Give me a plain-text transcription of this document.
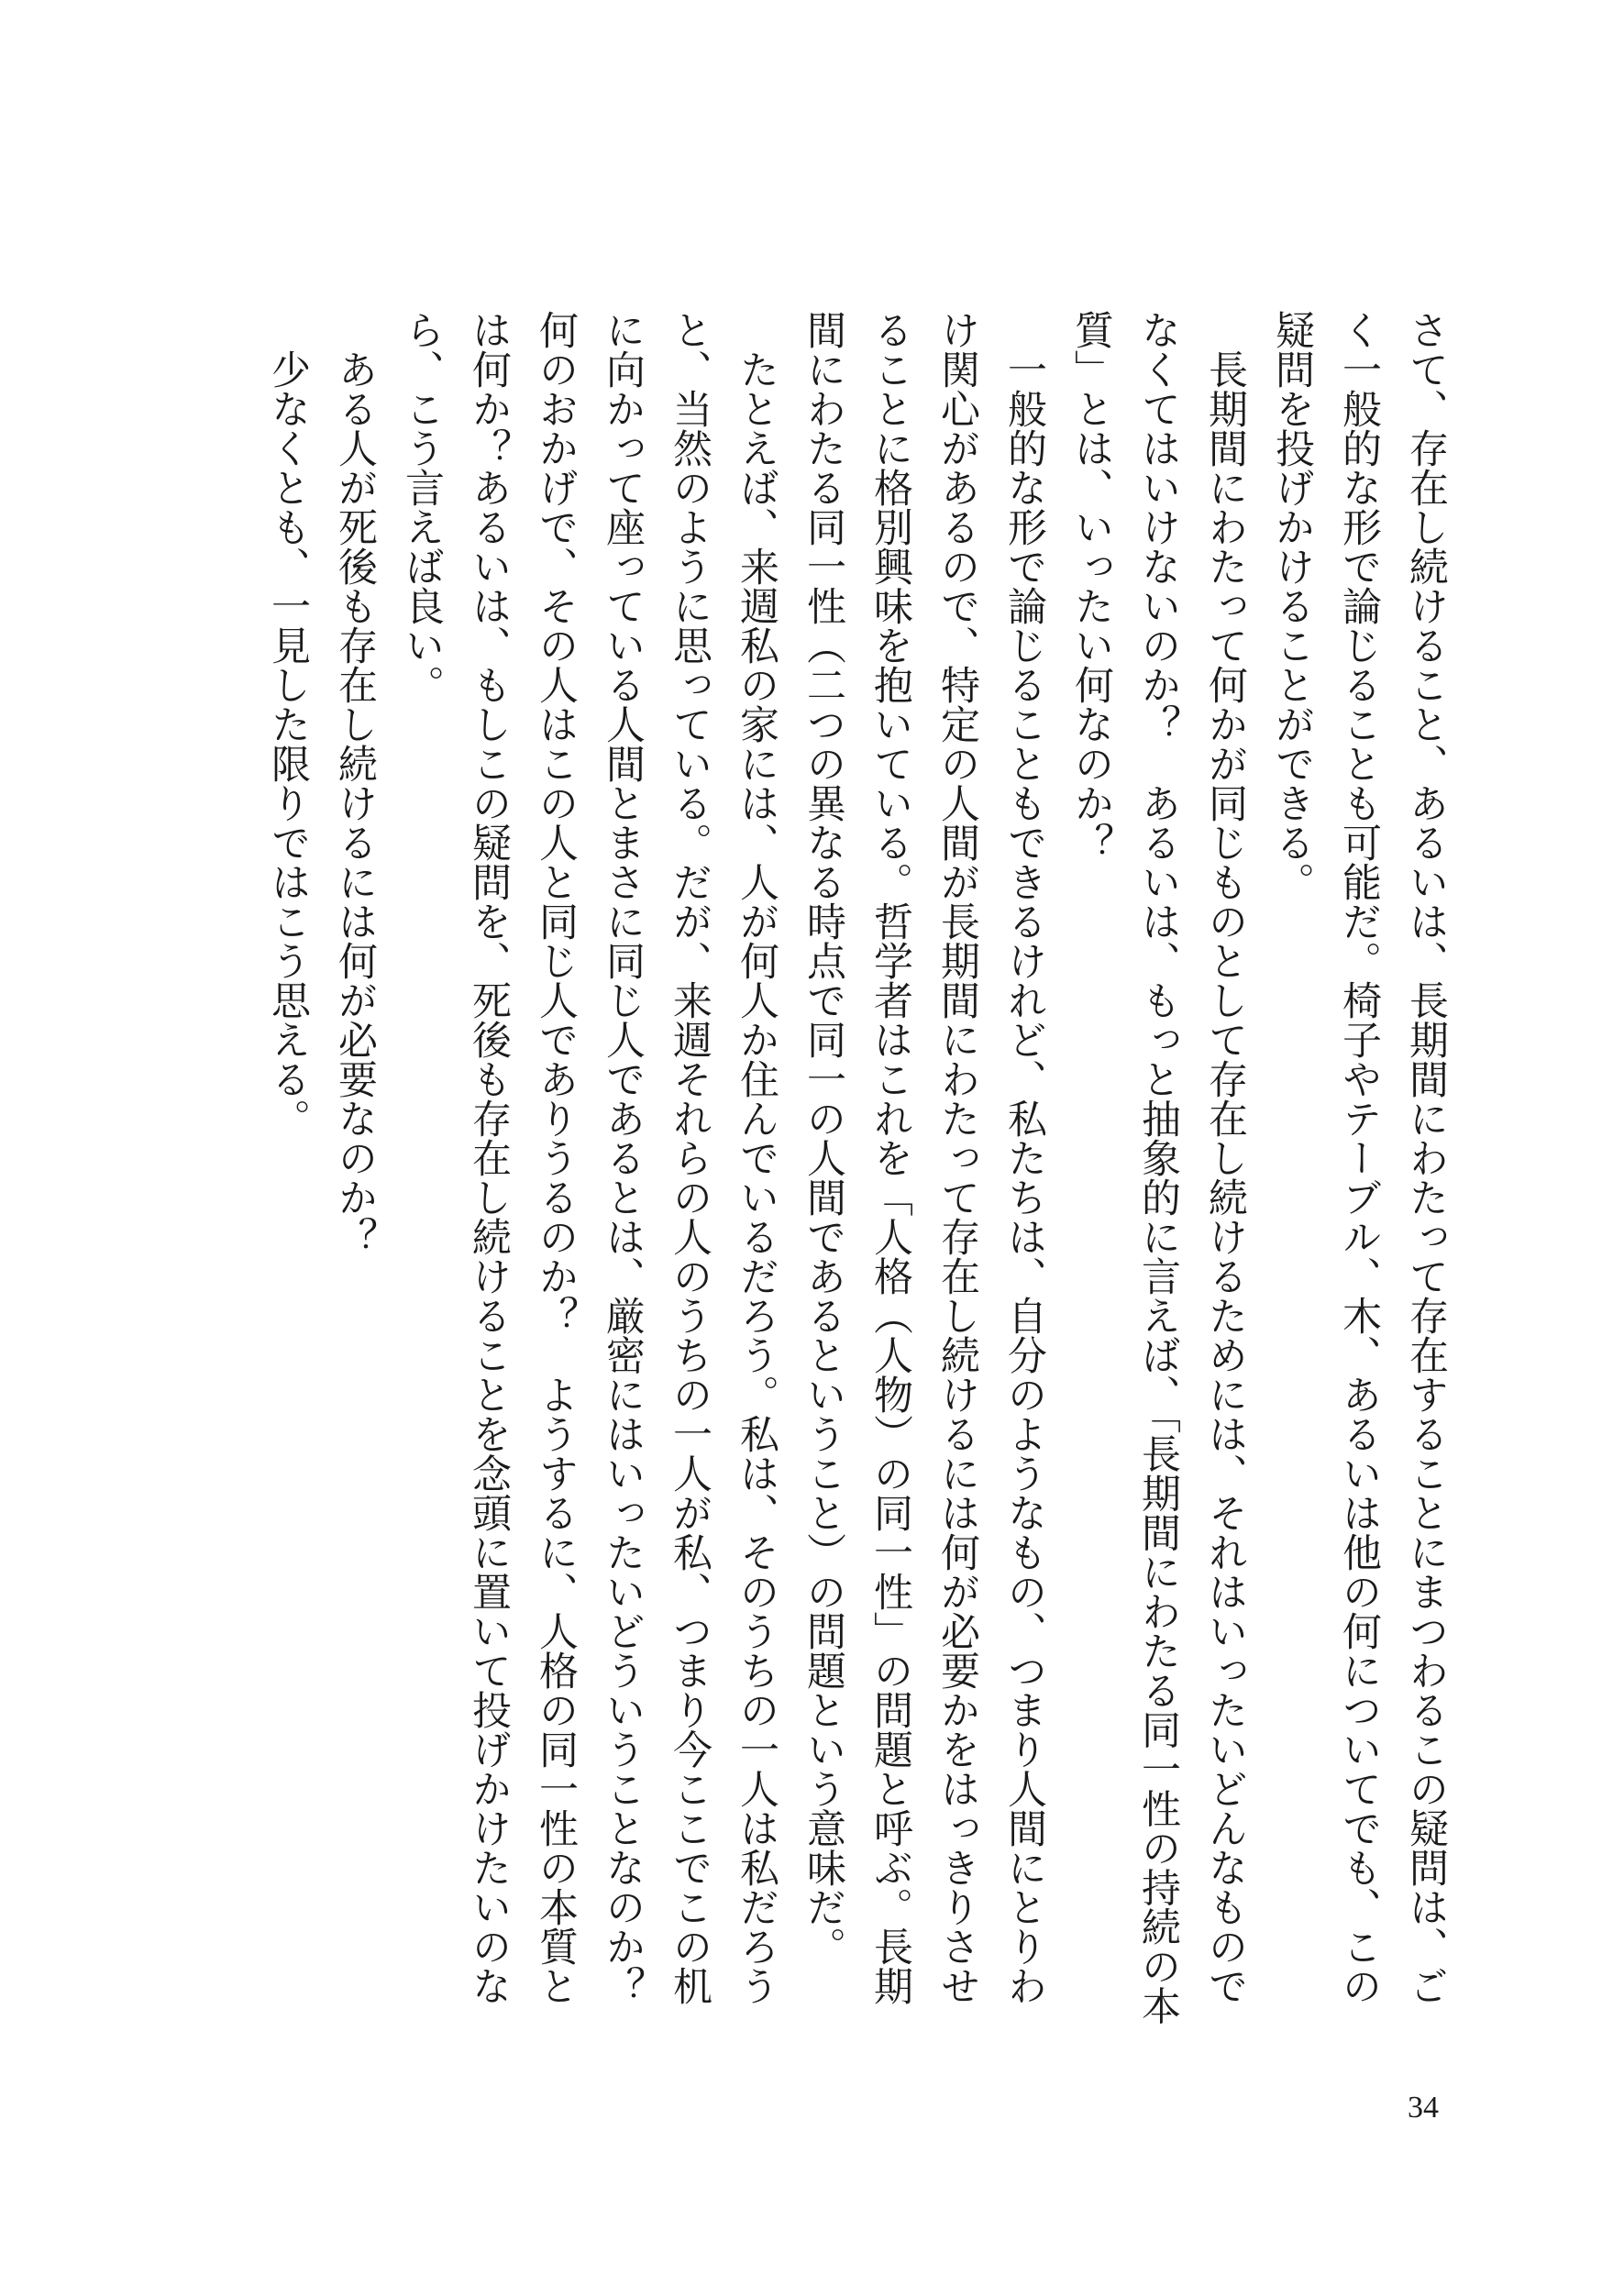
さて、存在し続けること、あるいは、長期間にわたって存在することにまつわるこの疑問は、ごく一般的な形で論じることも可能だ。椅子やテーブル、木、あるいは他の何についてでも、この疑問を投げかけることができる。

長期間にわたって何かが同じものとして存在し続けるためには、それはいったいどんなものでなくてはいけないのか？　あるいは、もっと抽象的に言えば、「長期間にわたる同一性の持続の本質」とは、いったい何なのか？

一般的な形で論じることもできるけれど、私たちは、自分のようなもの、つまり人間にとりわけ関心があるので、特定の人間が長期間にわたって存在し続けるには何が必要かをはっきりさせることに格別興味を抱いている。哲学者はこれを「人格（人物）の同一性」の問題と呼ぶ。長期間にわたる同一性（二つの異なる時点で同一の人間であるということ）の問題という意味だ。

たとえば、来週私の家には、人が何人か住んでいるだろう。私は、そのうちの一人は私だろうと、当然のように思っている。だが、来週それらの人のうちの一人が私、つまり今ここでこの机に向かって座っている人間とまさに同じ人であるとは、厳密にはいったいどういうことなのか？　何のおかげで、その人はこの人と同じ人でありうるのか？　ようするに、人格の同一性の本質とは何か？あるいは、もしこの疑問を、死後も存在し続けることを念頭に置いて投げかけたいのなら、こう言えば良い。

ある人が死後も存在し続けるには何が必要なのか？

少なくとも、一見した限りではこう思える。

34
